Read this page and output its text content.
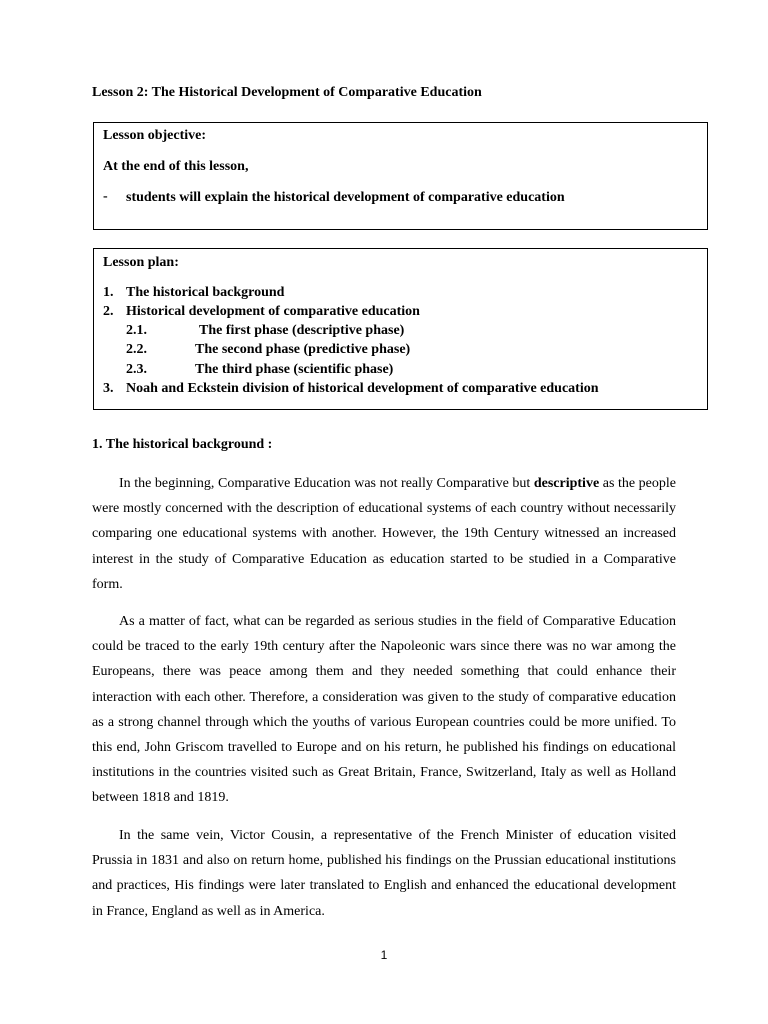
Lesson 2: The Historical Development of Comparative Education
Lesson objective:
At the end of this lesson,
- students will explain the historical development of comparative education
Lesson plan:
1. The historical background
2. Historical development of comparative education
2.1.	The first phase (descriptive phase)
2.2.	The second phase (predictive phase)
2.3.	The third phase (scientific phase)
3. Noah and Eckstein division of historical development of comparative education
1. The historical background :
In the beginning, Comparative Education was not really Comparative but descriptive as the people were mostly concerned with the description of educational systems of each country without necessarily comparing one educational systems with another. However, the 19th Century witnessed an increased interest in the study of Comparative Education as education started to be studied in a Comparative form.
As a matter of fact, what can be regarded as serious studies in the field of Comparative Education could be traced to the early 19th century after the Napoleonic wars since there was no war among the Europeans, there was peace among them and they needed something that could enhance their interaction with each other. Therefore, a consideration was given to the study of comparative education as a strong channel through which the youths of various European countries could be more unified. To this end, John Griscom travelled to Europe and on his return, he published his findings on educational institutions in the countries visited such as Great Britain, France, Switzerland, Italy as well as Holland between 1818 and 1819.
In the same vein, Victor Cousin, a representative of the French Minister of education visited Prussia in 1831 and also on return home, published his findings on the Prussian educational institutions and practices, His findings were later translated to English and enhanced the educational development in France, England as well as in America.
1
